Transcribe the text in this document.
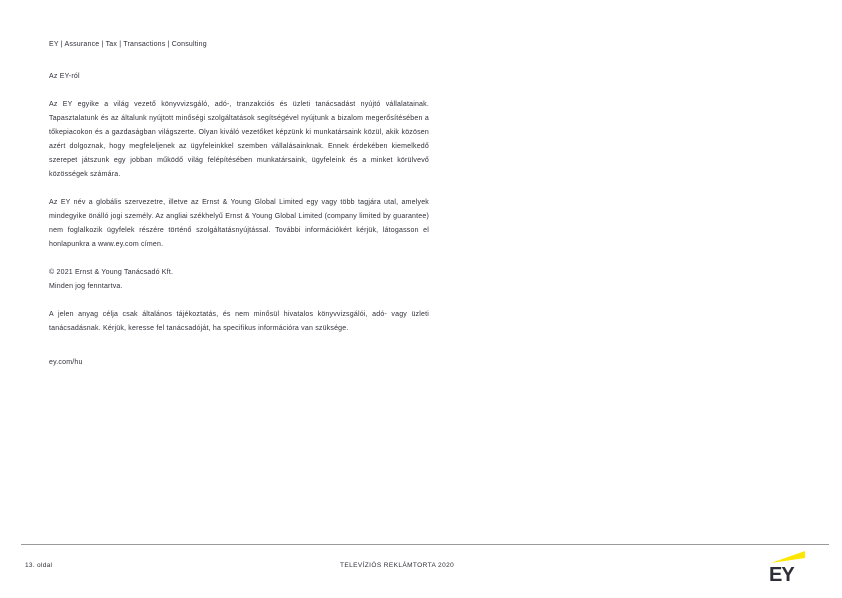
EY | Assurance | Tax | Transactions | Consulting

Az EY-ról

Az EY egyike a világ vezető könyvvizsgáló, adó-, tranzakciós és üzleti tanácsadást nyújtó vállalatainak. Tapasztalatunk és az általunk nyújtott minőségi szolgáltatások segítségével nyújtunk a bizalom megerősítésében a tőkepiacokon és a gazdaságban világszerte. Olyan kiváló vezetőket képzünk ki munkatársaink közül, akik közösen azért dolgoznak, hogy megfeleljenek az ügyfeleinkkel szemben vállalásainknak. Ennek érdekében kiemelkedő szerepet játszunk egy jobban működő világ felépítésében munkatársaink, ügyfeleink és a minket körülvevő közösségek számára.

Az EY név a globális szervezetre, illetve az Ernst & Young Global Limited egy vagy több tagjára utal, amelyek mindegyike önálló jogi személy. Az angliai székhelyű Ernst & Young Global Limited (company limited by guarantee) nem foglalkozik ügyfelek részére történő szolgáltatásnyújtással. További információkért kérjük, látogasson el honlapunkra a www.ey.com címen.

© 2021 Ernst & Young Tanácsadó Kft.

Minden jog fenntartva.

A jelen anyag célja csak általános tájékoztatás, és nem minősül hivatalos könyvvizsgálói, adó- vagy üzleti tanácsadásnak. Kérjük, keresse fel tanácsadóját, ha specifikus információra van szüksége.

ey.com/hu

13. oldal	TELEVÍZIÓS REKLÁMTORTA 2020	EY
